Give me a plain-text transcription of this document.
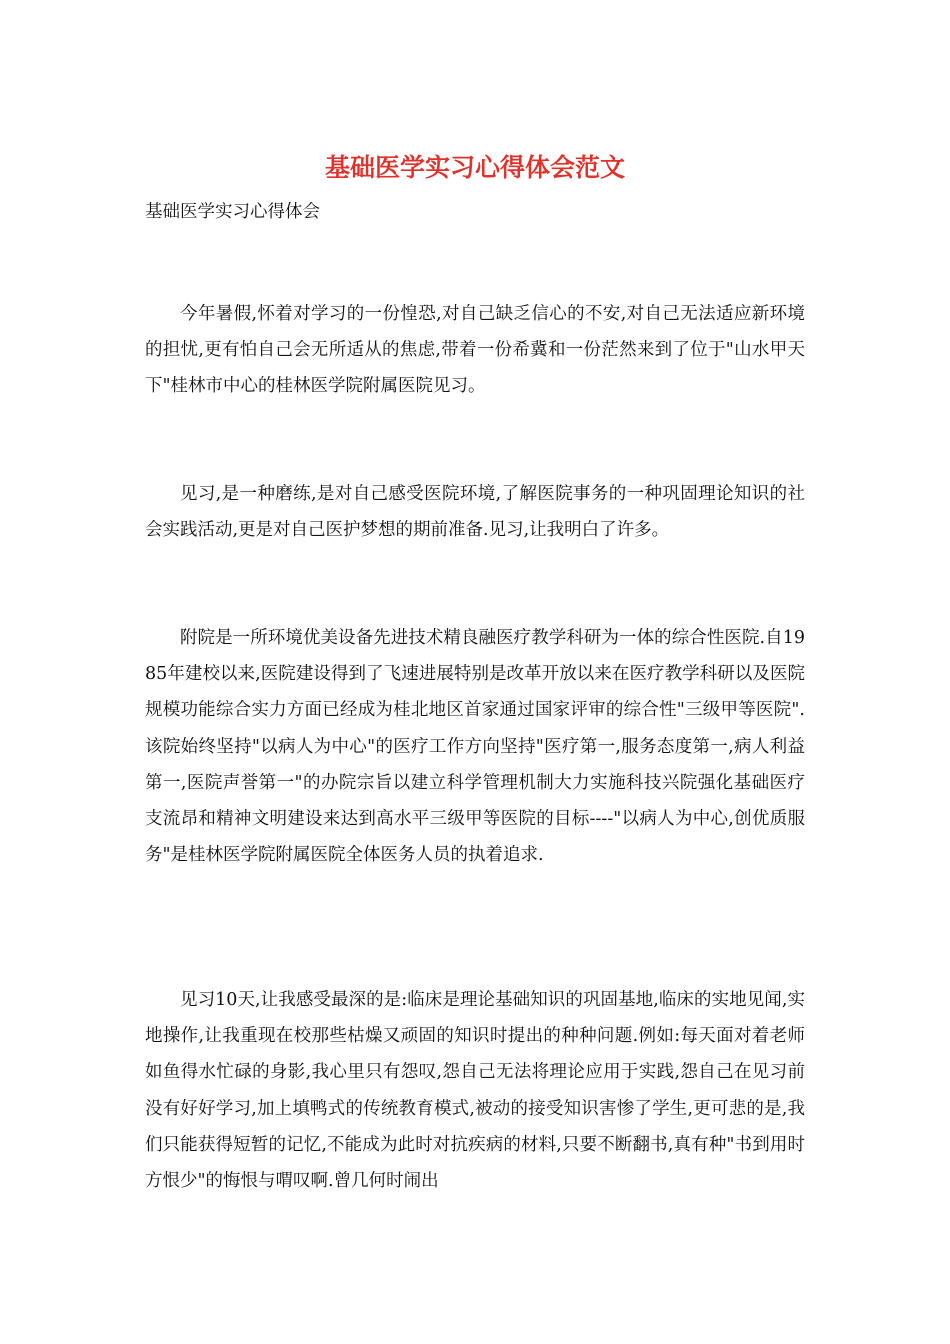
基础医学实习心得体会范文

基础医学实习心得体会

今年暑假,怀着对学习的一份惶恐,对自己缺乏信心的不安,对自己无法适应新环境的担忧,更有怕自己会无所适从的焦虑,带着一份希冀和一份茫然来到了位于"山水甲天下"桂林市中心的桂林医学院附属医院见习。

见习,是一种磨练,是对自己感受医院环境,了解医院事务的一种巩固理论知识的社会实践活动,更是对自己医护梦想的期前准备.见习,让我明白了许多。

附院是一所环境优美设备先进技术精良融医疗教学科研为一体的综合性医院.自1985年建校以来,医院建设得到了飞速进展特别是改革开放以来在医疗教学科研以及医院规模功能综合实力方面已经成为桂北地区首家通过国家评审的综合性"三级甲等医院".该院始终坚持"以病人为中心"的医疗工作方向坚持"医疗第一,服务态度第一,病人利益第一,医院声誉第一"的办院宗旨以建立科学管理机制大力实施科技兴院强化基础医疗支流昂和精神文明建设来达到高水平三级甲等医院的目标----"以病人为中心,创优质服务"是桂林医学院附属医院全体医务人员的执着追求.

见习10天,让我感受最深的是:临床是理论基础知识的巩固基地,临床的实地见闻,实地操作,让我重现在校那些枯燥又顽固的知识时提出的种种问题.例如:每天面对着老师如鱼得水忙碌的身影,我心里只有怨叹,怨自己无法将理论应用于实践,怨自己在见习前没有好好学习,加上填鸭式的传统教育模式,被动的接受知识害惨了学生,更可悲的是,我们只能获得短暂的记忆,不能成为此时对抗疾病的材料,只要不断翻书,真有种"书到用时方恨少"的悔恨与喟叹啊.曾几何时闹出
